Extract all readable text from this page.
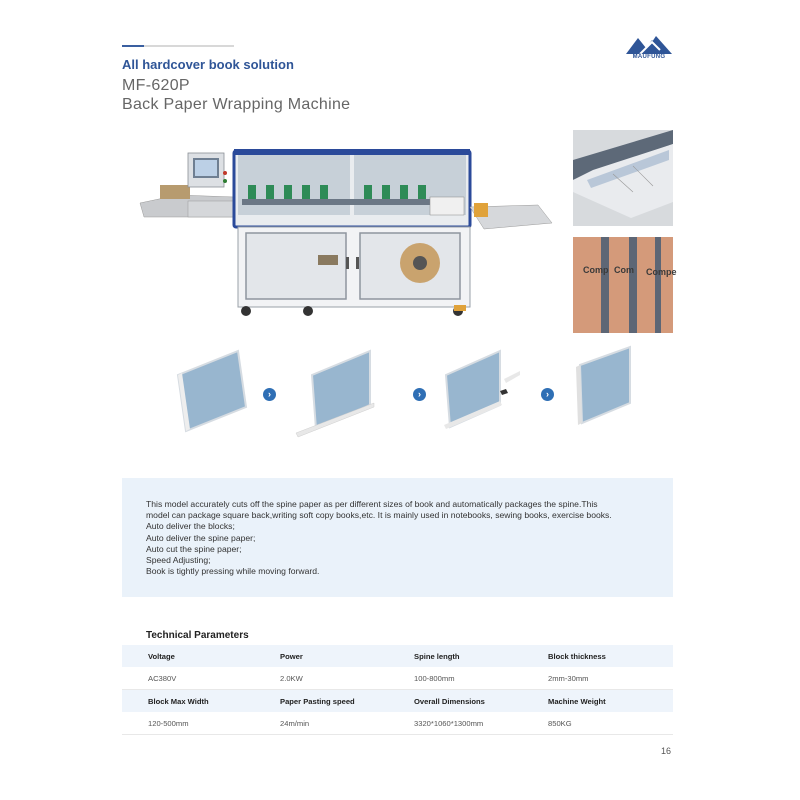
All hardcover book solution
MF-620P
Back Paper Wrapping Machine
MAUFUNG
Comp Com Compe
›	›	›
This model accurately cuts off the spine paper as per different sizes of book and automatically packages the spine.This
model can package square back,writing soft copy books,etc. It is mainly used in notebooks, sewing books, exercise books.
Auto deliver the blocks;
Auto deliver the spine paper;
Auto cut the spine paper;
Speed Adjusting;
Book is tightly pressing while moving forward.
Technical Parameters
Voltage	Power	Spine length	Block thickness
AC380V	2.0KW	100-800mm	2mm-30mm
Block Max Width	Paper Pasting speed	Overall Dimensions	Machine Weight
120-500mm	24m/min	3320*1060*1300mm	850KG
16
